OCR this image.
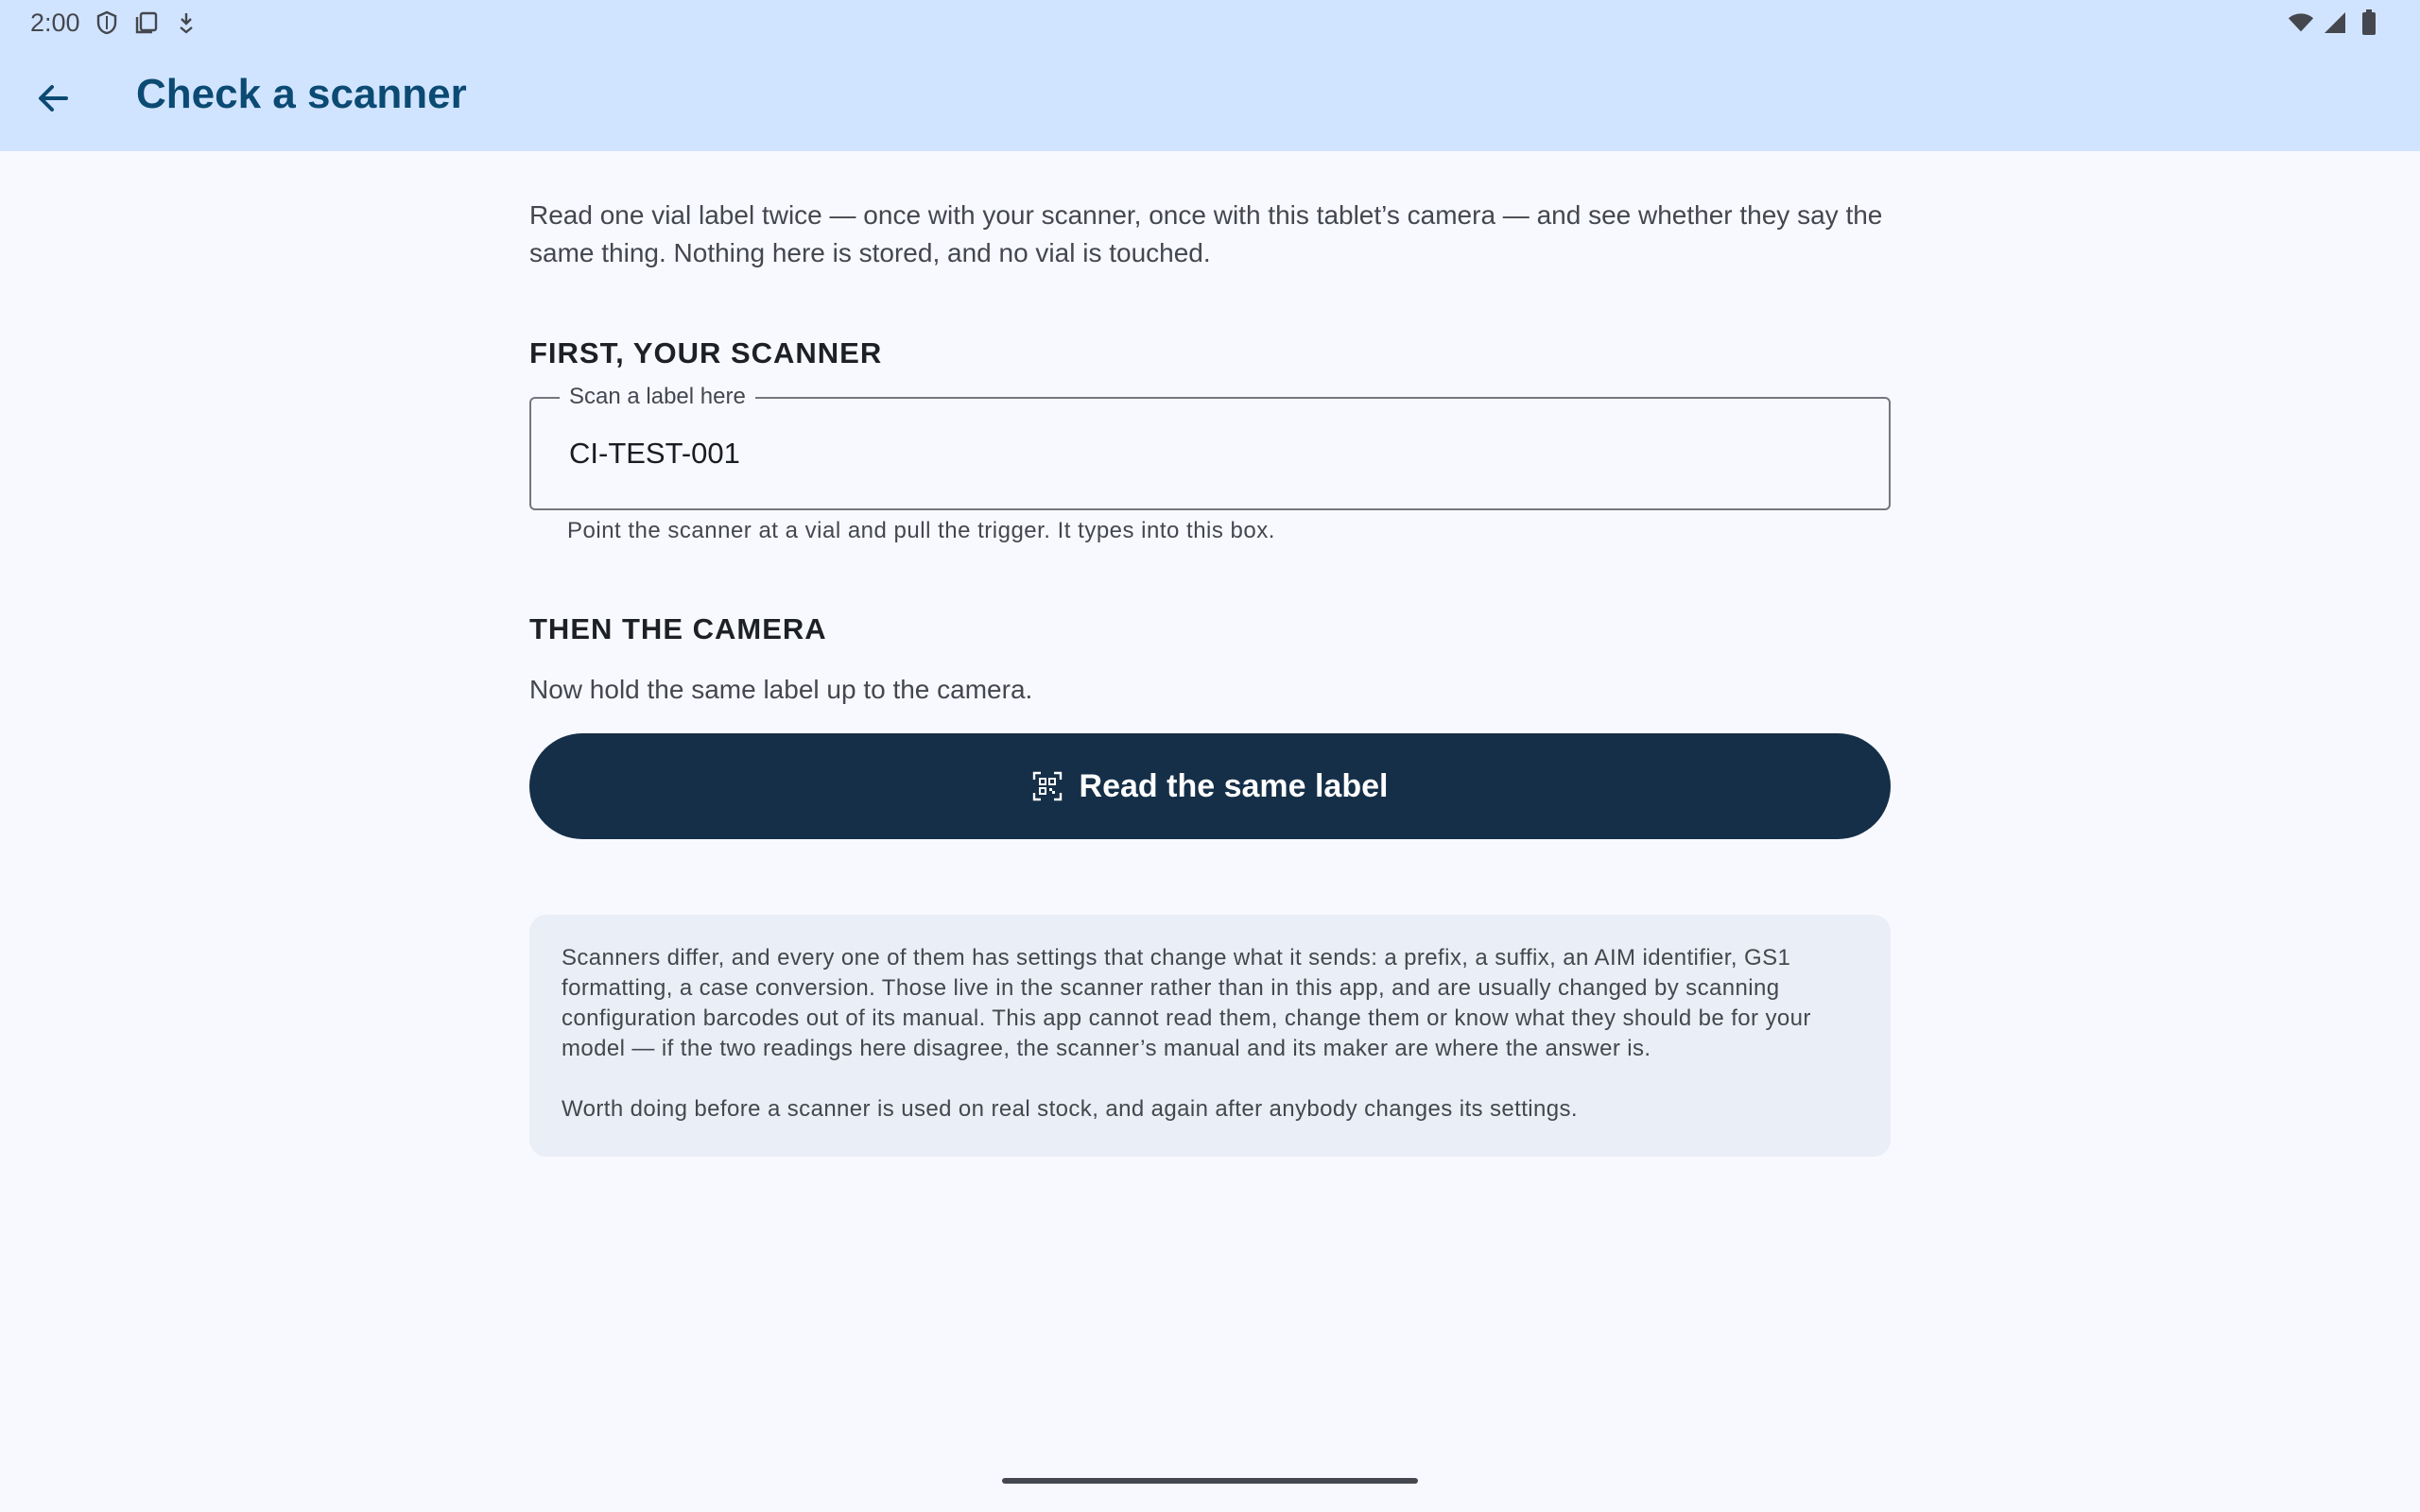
2:00
Check a scanner

Read one vial label twice — once with your scanner, once with this tablet’s camera — and see whether they say the same thing. Nothing here is stored, and no vial is touched.

FIRST, YOUR SCANNER
Scan a label here
CI-TEST-001
Point the scanner at a vial and pull the trigger. It types into this box.
THEN THE CAMERA
Now hold the same label up to the camera.
Read the same label

Scanners differ, and every one of them has settings that change what it sends: a prefix, a suffix, an AIM identifier, GS1 formatting, a case conversion. Those live in the scanner rather than in this app, and are usually changed by scanning configuration barcodes out of its manual. This app cannot read them, change them or know what they should be for your model — if the two readings here disagree, the scanner’s manual and its maker are where the answer is.

Worth doing before a scanner is used on real stock, and again after anybody changes its settings.
